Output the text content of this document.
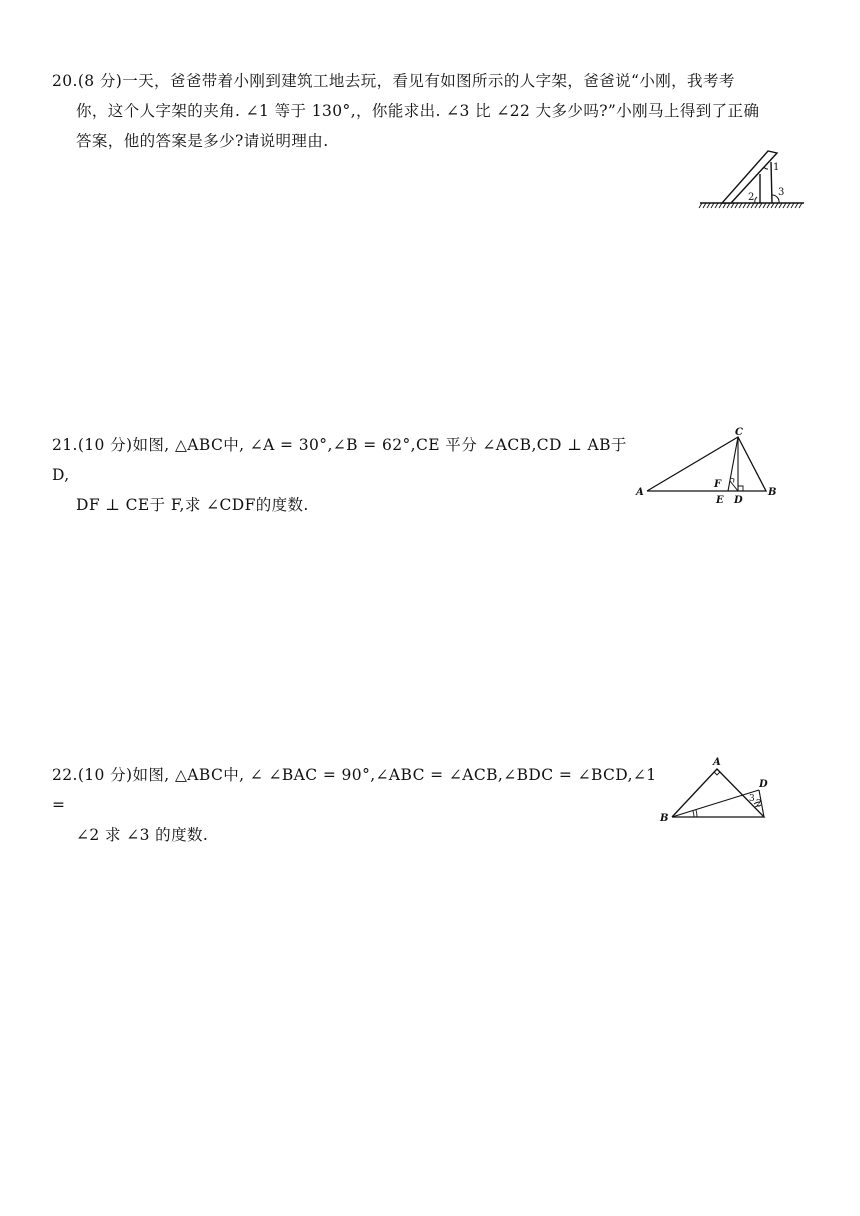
20.(8 分)一天，爸爸带着小刚到建筑工地去玩，看见有如图所示的人字架，爸爸说“小刚，我考考

你，这个人字架的夹角. ∠1 等于 130°,，你能求出. ∠3 比 ∠22 大多少吗?”小刚马上得到了正确

答案，他的答案是多少?请说明理由.

1
2 3

21.(10 分)如图, △ABC中, ∠A = 30°,∠B = 62°,CE 平分 ∠ACB,CD ⊥ AB于 D,

DF ⊥ CE于 F,求 ∠CDF的度数.

C
A
F
B
E D

22.(10 分)如图, △ABC中, ∠ ∠BAC = 90°,∠ABC = ∠ACB,∠BDC = ∠BCD,∠1 =

∠2 求 ∠3 的度数.

A
D
B
3 2
